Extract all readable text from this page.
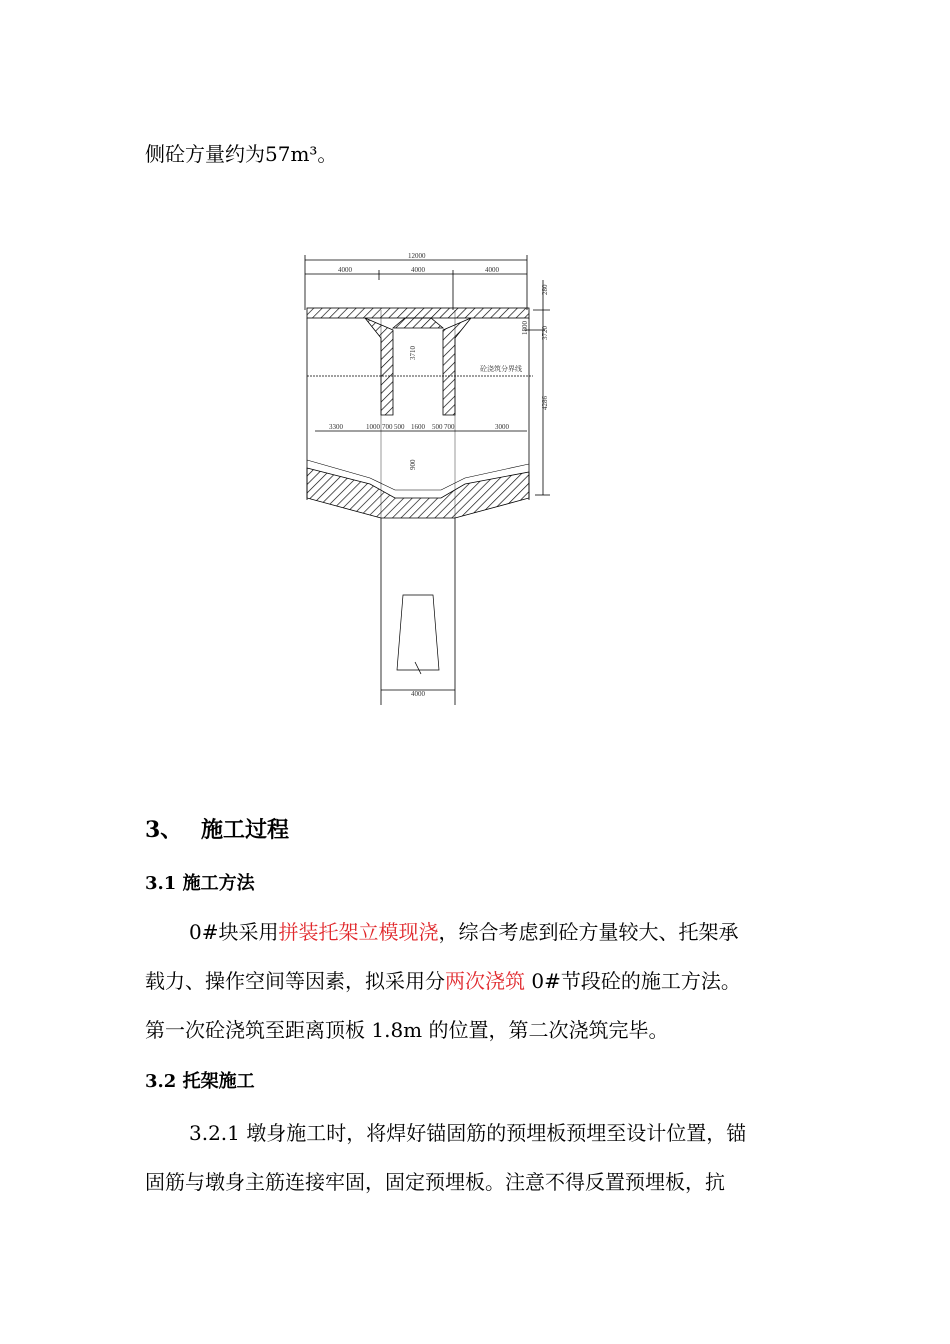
侧砼方量约为57m³。
12000
4000	4000	4000
280
1800 3720
4286
砼浇筑分界线
3710
3300	1000 700 500 1600 500 700	3000
900
4000
3、 施工过程
3.1 施工方法
0#块采用拼装托架立模现浇，综合考虑到砼方量较大、托架承
载力、操作空间等因素，拟采用分两次浇筑 0#节段砼的施工方法。
第一次砼浇筑至距离顶板 1.8m 的位置，第二次浇筑完毕。
3.2 托架施工
3.2.1 墩身施工时，将焊好锚固筋的预埋板预埋至设计位置，锚
固筋与墩身主筋连接牢固，固定预埋板。注意不得反置预埋板，抗
